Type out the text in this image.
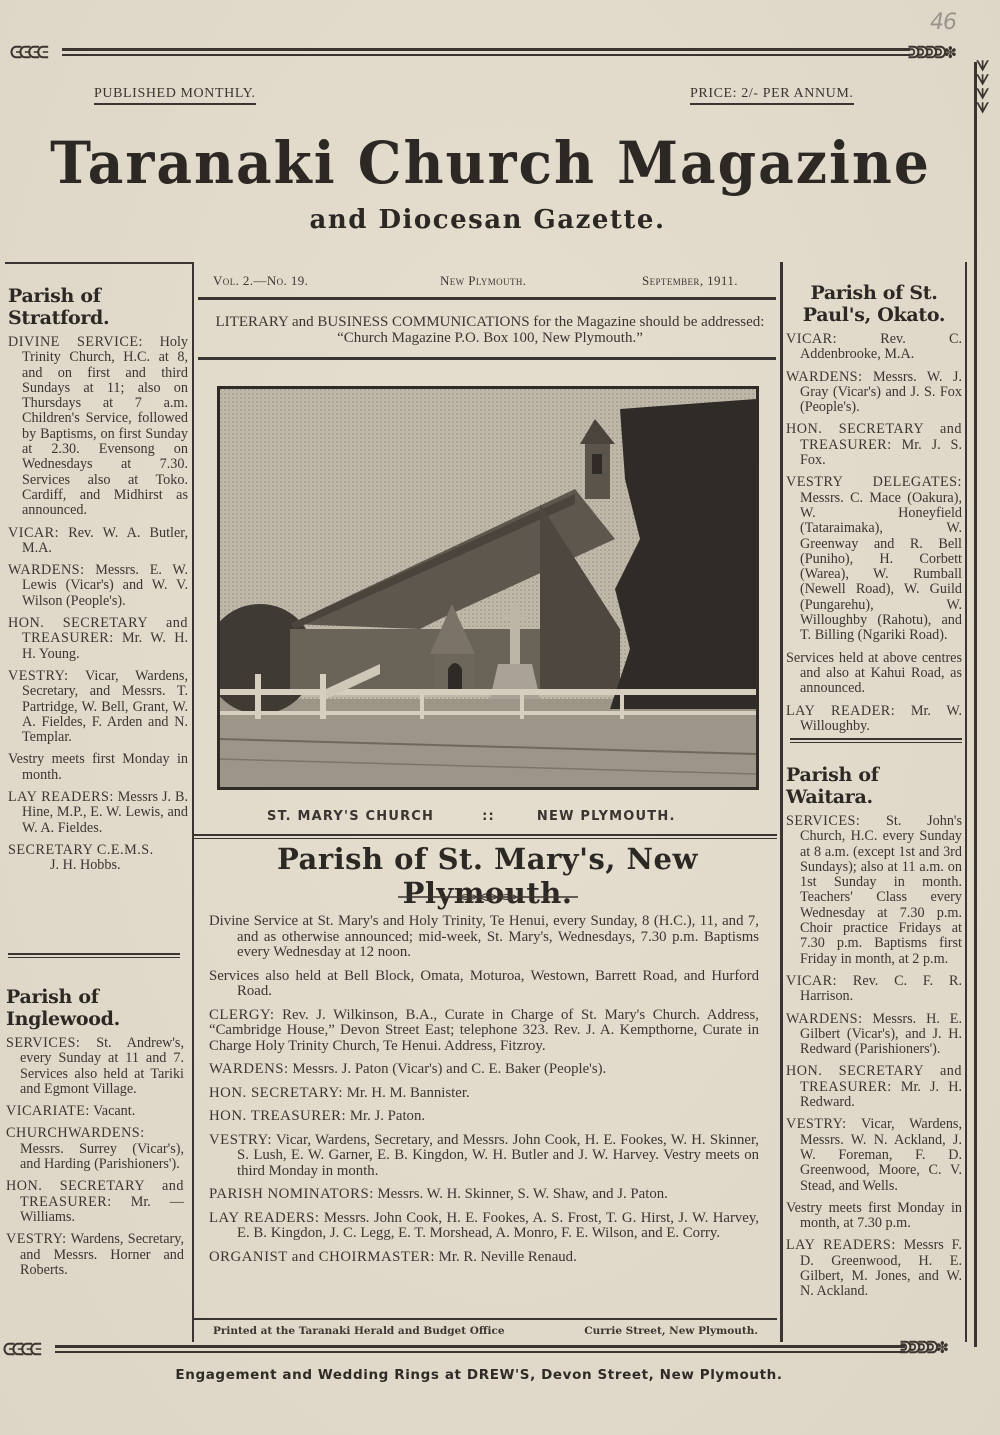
46
ᕮᕮᕮᕮ	ᕲᕲᕲᕲ✽
ᗐ
ᗐ
ᗐ
ᗐ
PUBLISHED MONTHLY.	PRICE: 2/- PER ANNUM.
Taranaki Church Magazine
and Diocesan Gazette.
Parish of Stratford.

DIVINE SERVICE: Holy Trinity Church, H.C. at 8, and on first and third Sundays at 11; also on Thursdays at 7 a.m. Children's Service, followed by Baptisms, on first Sunday at 2.30. Evensong on Wednesdays at 7.30. Services also at Toko. Cardiff, and Midhirst as announced.

VICAR: Rev. W. A. Butler, M.A.

WARDENS: Messrs. E. W. Lewis (Vicar's) and W. V. Wilson (People's).

HON. SECRETARY and TREASURER: Mr. W. H. H. Young.

VESTRY: Vicar, Wardens, Secretary, and Messrs. T. Partridge, W. Bell, Grant, W. A. Fieldes, F. Arden and N. Templar.

Vestry meets first Monday in month.

LAY READERS: Messrs J. B. Hine, M.P., E. W. Lewis, and W. A. Fieldes.

SECRETARY C.E.M.S.
J. H. Hobbs.

Parish of Inglewood.

SERVICES: St. Andrew's, every Sunday at 11 and 7. Services also held at Tariki and Egmont Village.

VICARIATE: Vacant.

CHURCHWARDENS: Messrs. Surrey (Vicar's), and Harding (Parishioners').

HON. SECRETARY and TREASURER: Mr. — Williams.

VESTRY: Wardens, Secretary, and Messrs. Horner and Roberts.

Vol. 2.—No. 19.	New Plymouth.	September, 1911.
LITERARY and BUSINESS COMMUNICATIONS for the Magazine should be addressed: “Church Magazine P.O. Box 100, New Plymouth.”
ST. MARY'S CHURCH	::	NEW PLYMOUTH.
Parish of St. Mary's, New Plymouth.

Divine Service at St. Mary's and Holy Trinity, Te Henui, every Sunday, 8 (H.C.), 11, and 7, and as otherwise announced; mid-week, St. Mary's, Wednesdays, 7.30 p.m. Baptisms every Wednesday at 12 noon.

Services also held at Bell Block, Omata, Moturoa, Westown, Barrett Road, and Hurford Road.

CLERGY: Rev. J. Wilkinson, B.A., Curate in Charge of St. Mary's Church. Address, “Cambridge House,” Devon Street East; telephone 323. Rev. J. A. Kempthorne, Curate in Charge Holy Trinity Church, Te Henui. Address, Fitzroy.

WARDENS: Messrs. J. Paton (Vicar's) and C. E. Baker (People's).

HON. SECRETARY: Mr. H. M. Bannister.

HON. TREASURER: Mr. J. Paton.

VESTRY: Vicar, Wardens, Secretary, and Messrs. John Cook, H. E. Fookes, W. H. Skinner, S. Lush, E. W. Garner, E. B. Kingdon, W. H. Butler and J. W. Harvey. Vestry meets on third Monday in month.

PARISH NOMINATORS: Messrs. W. H. Skinner, S. W. Shaw, and J. Paton.

LAY READERS: Messrs. John Cook, H. E. Fookes, A. S. Frost, T. G. Hirst, J. W. Harvey, E. B. Kingdon, J. C. Legg, E. T. Morshead, A. Monro, F. E. Wilson, and E. Corry.

ORGANIST and CHOIRMASTER: Mr. R. Neville Renaud.

Printed at the Taranaki Herald and Budget Office	Currie Street, New Plymouth.
Parish of St. Paul's, Okato.

VICAR: Rev. C. Addenbrooke, M.A.

WARDENS: Messrs. W. J. Gray (Vicar's) and J. S. Fox (People's).

HON. SECRETARY and TREASURER: Mr. J. S. Fox.

VESTRY DELEGATES: Messrs. C. Mace (Oakura), W. Honeyfield (Tataraimaka), W. Greenway and R. Bell (Puniho), H. Corbett (Warea), W. Rumball (Newell Road), W. Guild (Pungarehu), W. Willoughby (Rahotu), and T. Billing (Ngariki Road).

Services held at above centres and also at Kahui Road, as announced.

LAY READER: Mr. W. Willoughby.

Parish of Waitara.

SERVICES: St. John's Church, H.C. every Sunday at 8 a.m. (except 1st and 3rd Sundays); also at 11 a.m. on 1st Sunday in month. Teachers' Class every Wednesday at 7.30 p.m. Choir practice Fridays at 7.30 p.m. Baptisms first Friday in month, at 2 p.m.

VICAR: Rev. C. F. R. Harrison.

WARDENS: Messrs. H. E. Gilbert (Vicar's), and J. H. Redward (Parishioners').

HON. SECRETARY and TREASURER: Mr. J. H. Redward.

VESTRY: Vicar, Wardens, Messrs. W. N. Ackland, J. W. Foreman, F. D. Greenwood, Moore, C. V. Stead, and Wells.

Vestry meets first Monday in month, at 7.30 p.m.

LAY READERS: Messrs F. D. Greenwood, H. E. Gilbert, M. Jones, and W. N. Ackland.

ᕮᕮᕮᕮ	ᕲᕲᕲᕲ✽
Engagement and Wedding Rings at DREW'S, Devon Street, New Plymouth.
